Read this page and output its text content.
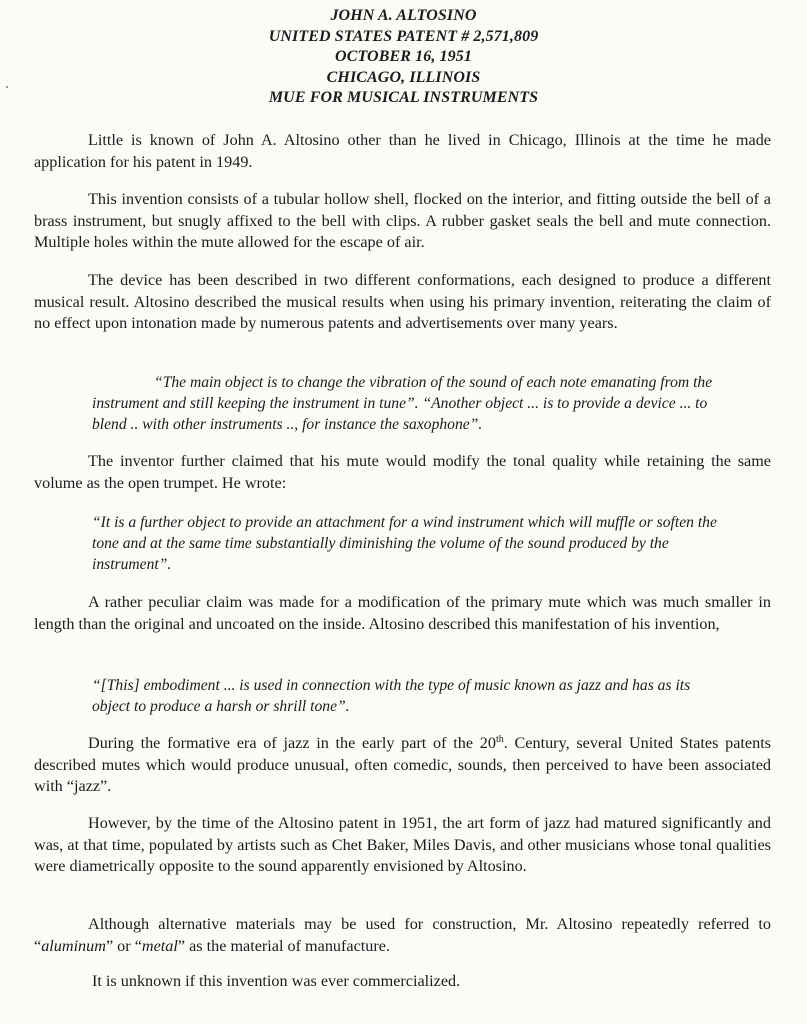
JOHN A. ALTOSINO
UNITED STATES PATENT # 2,571,809
OCTOBER 16, 1951
CHICAGO, ILLINOIS
MUE FOR MUSICAL INSTRUMENTS

Little is known of John A. Altosino other than he lived in Chicago, Illinois at the time he made application for his patent in 1949.

This invention consists of a tubular hollow shell, flocked on the interior, and fitting outside the bell of a brass instrument, but snugly affixed to the bell with clips. A rubber gasket seals the bell and mute connection. Multiple holes within the mute allowed for the escape of air.

The device has been described in two different conformations, each designed to produce a different musical result. Altosino described the musical results when using his primary invention, reiterating the claim of no effect upon intonation made by numerous patents and advertisements over many years.

“The main object is to change the vibration of the sound of each note emanating from the instrument and still keeping the instrument in tune”. “Another object ... is to provide a device ... to blend .. with other instruments .., for instance the saxophone”.

The inventor further claimed that his mute would modify the tonal quality while retaining the same volume as the open trumpet. He wrote:

“It is a further object to provide an attachment for a wind instrument which will muffle or soften the tone and at the same time substantially diminishing the volume of the sound produced by the instrument”.

A rather peculiar claim was made for a modification of the primary mute which was much smaller in length than the original and uncoated on the inside. Altosino described this manifestation of his invention,

“[This] embodiment ... is used in connection with the type of music known as jazz and has as its object to produce a harsh or shrill tone”.

During the formative era of jazz in the early part of the 20th. Century, several United States patents described mutes which would produce unusual, often comedic, sounds, then perceived to have been associated with “jazz”.

However, by the time of the Altosino patent in 1951, the art form of jazz had matured significantly and was, at that time, populated by artists such as Chet Baker, Miles Davis, and other musicians whose tonal qualities were diametrically opposite to the sound apparently envisioned by Altosino.

Although alternative materials may be used for construction, Mr. Altosino repeatedly referred to “aluminum” or “metal” as the material of manufacture.

It is unknown if this invention was ever commercialized.
